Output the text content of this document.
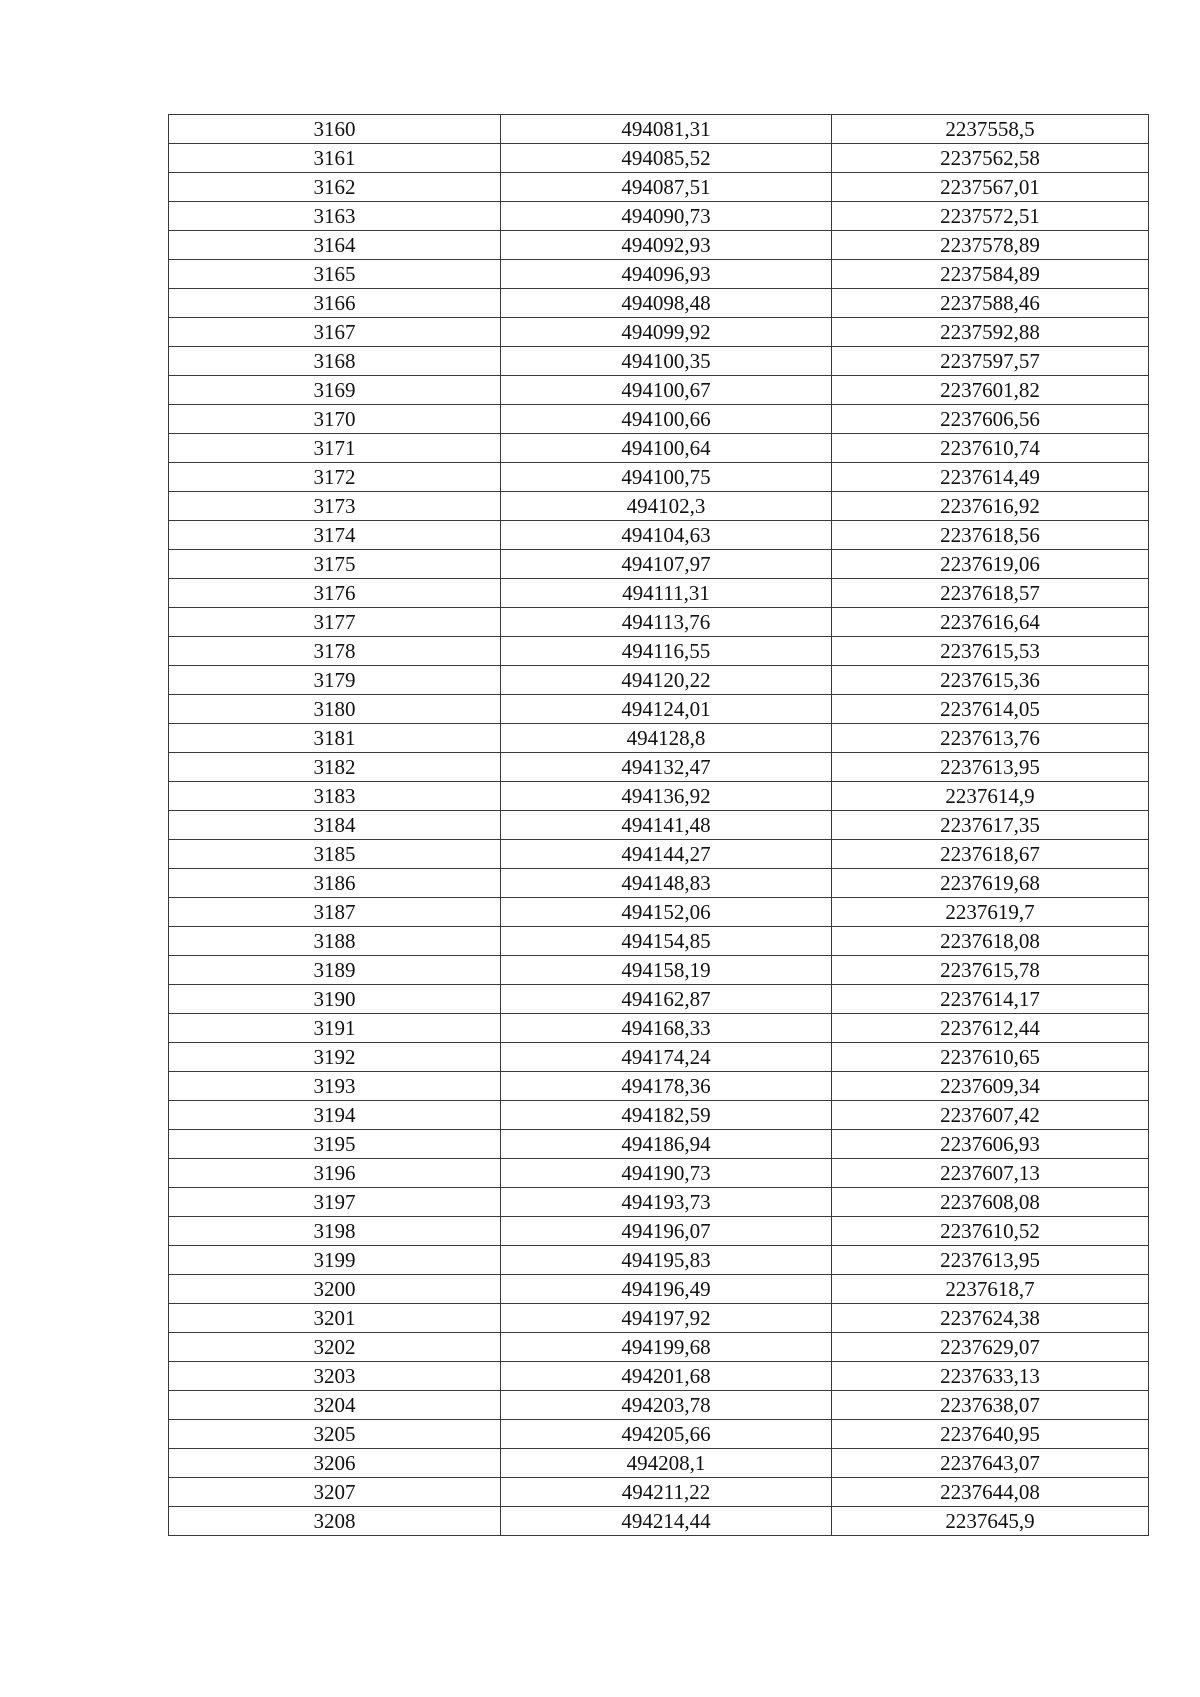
3160	494081,31	2237558,5
3161	494085,52	2237562,58
3162	494087,51	2237567,01
3163	494090,73	2237572,51
3164	494092,93	2237578,89
3165	494096,93	2237584,89
3166	494098,48	2237588,46
3167	494099,92	2237592,88
3168	494100,35	2237597,57
3169	494100,67	2237601,82
3170	494100,66	2237606,56
3171	494100,64	2237610,74
3172	494100,75	2237614,49
3173	494102,3	2237616,92
3174	494104,63	2237618,56
3175	494107,97	2237619,06
3176	494111,31	2237618,57
3177	494113,76	2237616,64
3178	494116,55	2237615,53
3179	494120,22	2237615,36
3180	494124,01	2237614,05
3181	494128,8	2237613,76
3182	494132,47	2237613,95
3183	494136,92	2237614,9
3184	494141,48	2237617,35
3185	494144,27	2237618,67
3186	494148,83	2237619,68
3187	494152,06	2237619,7
3188	494154,85	2237618,08
3189	494158,19	2237615,78
3190	494162,87	2237614,17
3191	494168,33	2237612,44
3192	494174,24	2237610,65
3193	494178,36	2237609,34
3194	494182,59	2237607,42
3195	494186,94	2237606,93
3196	494190,73	2237607,13
3197	494193,73	2237608,08
3198	494196,07	2237610,52
3199	494195,83	2237613,95
3200	494196,49	2237618,7
3201	494197,92	2237624,38
3202	494199,68	2237629,07
3203	494201,68	2237633,13
3204	494203,78	2237638,07
3205	494205,66	2237640,95
3206	494208,1	2237643,07
3207	494211,22	2237644,08
3208	494214,44	2237645,9
